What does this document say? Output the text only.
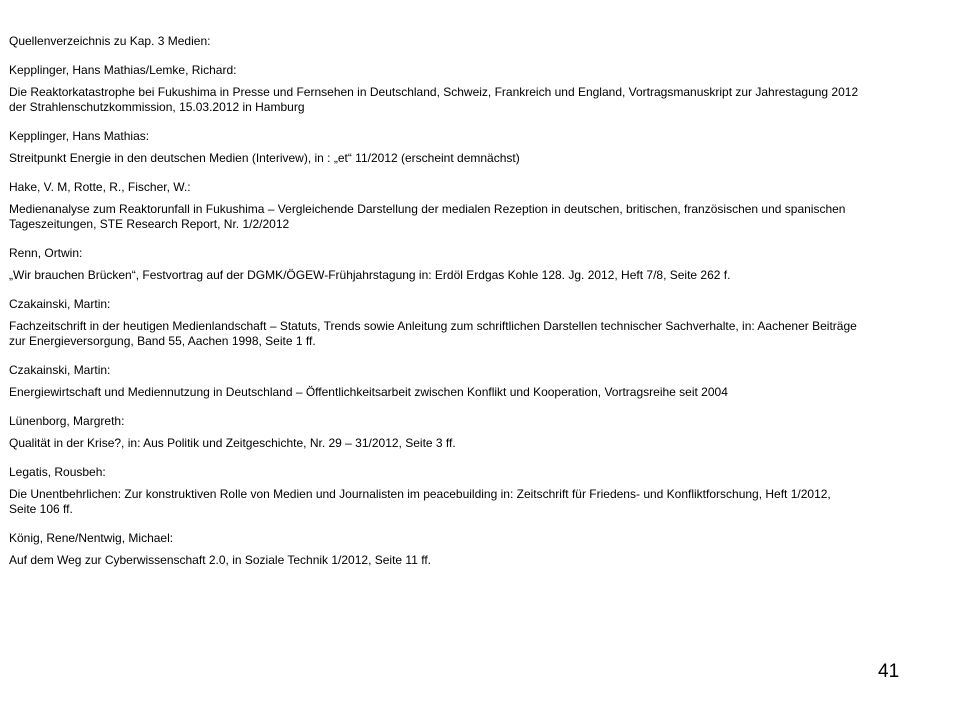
Quellenverzeichnis zu Kap. 3 Medien:

Kepplinger, Hans Mathias/Lemke, Richard:

Die Reaktorkatastrophe bei Fukushima in Presse und Fernsehen in Deutschland, Schweiz, Frankreich und England, Vortragsmanuskript zur Jahrestagung 2012 der Strahlenschutzkommission, 15.03.2012 in Hamburg

Kepplinger, Hans Mathias:

Streitpunkt Energie in den deutschen Medien (Interivew), in : „et“ 11/2012 (erscheint demnächst)

Hake, V. M, Rotte, R., Fischer, W.:

Medienanalyse zum Reaktorunfall in Fukushima – Vergleichende Darstellung der medialen Rezeption in deutschen, britischen, französischen und spanischen Tageszeitungen, STE Research Report, Nr. 1/2/2012

Renn, Ortwin:

„Wir brauchen Brücken“, Festvortrag auf der DGMK/ÖGEW-Frühjahrstagung in: Erdöl Erdgas Kohle 128. Jg. 2012, Heft 7/8, Seite 262 f.

Czakainski, Martin:

Fachzeitschrift in der heutigen Medienlandschaft – Statuts, Trends sowie Anleitung zum schriftlichen Darstellen technischer Sachverhalte, in: Aachener Beiträge zur Energieversorgung, Band 55, Aachen 1998, Seite 1 ff.

Czakainski, Martin:

Energiewirtschaft und Mediennutzung in Deutschland – Öffentlichkeitsarbeit zwischen Konflikt und Kooperation, Vortragsreihe seit 2004

Lünenborg, Margreth:

Qualität in der Krise?, in: Aus Politik und Zeitgeschichte, Nr. 29 – 31/2012, Seite 3 ff.

Legatis, Rousbeh:

Die Unentbehrlichen: Zur konstruktiven Rolle von Medien und Journalisten im peacebuilding in: Zeitschrift für Friedens- und Konfliktforschung, Heft 1/2012, Seite 106 ff.

König, Rene/Nentwig, Michael:

Auf dem Weg zur Cyberwissenschaft 2.0, in Soziale Technik 1/2012, Seite 11 ff.

41
